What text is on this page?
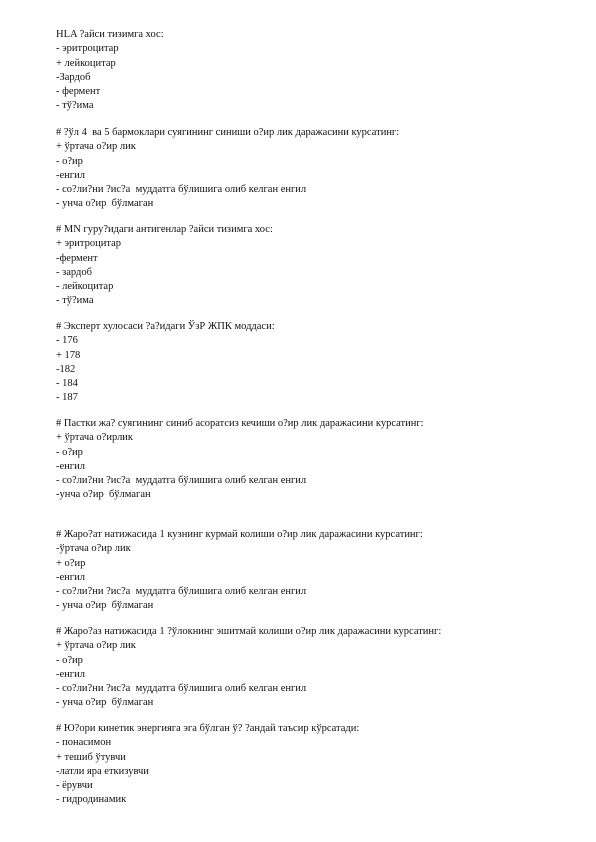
HLA ?айси тизимга хос:
- эритроцитар
+ лейкоцитар
-Зардоб
- фермент
- тў?има
# ?ўл 4  ва 5 бармоклари суягининг синиши о?ир лик даражасини курсатинг:
+ ўртача о?ир лик
- о?ир
-енгил
- со?ли?ни ?ис?а  муддатга бўлишига олиб келган енгил
- унча о?ир  бўлмаган
# MN гуру?идаги антигенлар ?айси тизимга хос:
+ эритроцитар
-фермент
- зардоб
- лейкоцитар
- тў?има
# Эксперт хулосаси ?а?идаги ЎзР ЖПК моддаси:
- 176
+ 178
-182
- 184
- 187
# Пастки жа? суягининг синиб асоратсиз кечиши о?ир лик даражасини курсатинг:
+ ўртача о?ирлик
- о?ир
-енгил
- со?ли?ни ?ис?а  муддатга бўлишига олиб келган енгил
-унча о?ир  бўлмаган
# Жаро?ат натижасида 1 кузнинг курмай колиши о?ир лик даражасини курсатинг:
-ўртача о?ир лик
+ о?ир
-енгил
- со?ли?ни ?ис?а  муддатга бўлишига олиб келган енгил
- унча о?ир  бўлмаган
# Жаро?аз натижасида 1 ?ўлокнинг эшитмай колиши о?ир лик даражасини курсатинг:
+ ўртача о?ир лик
- о?ир
-енгил
- со?ли?ни ?ис?а  муддатга бўлишига олиб келган енгил
- унча о?ир  бўлмаган
# Ю?ори кинетик энергияга эга бўлган ў? ?андай таъсир кўрсатади:
- понасимон
+ тешиб ўтувчи
-латли яра еткизувчи
- ёрувчи
- гидродинамик
